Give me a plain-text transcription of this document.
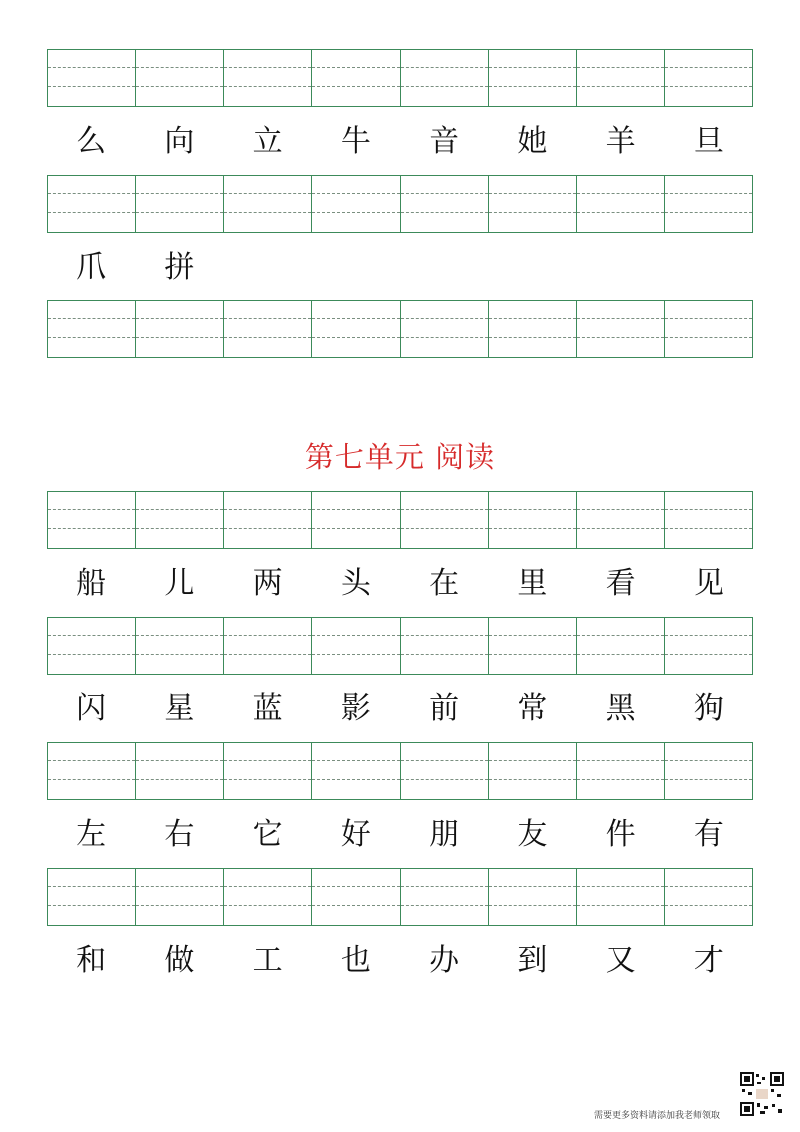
么	向	立	牛	音	她	羊	旦
爪	拼
第七单元 阅读
船	儿	两	头	在	里	看	见
闪	星	蓝	影	前	常	黑	狗
左	右	它	好	朋	友	件	有
和	做	工	也	办	到	又	才
需要更多资料请添加我老师领取
